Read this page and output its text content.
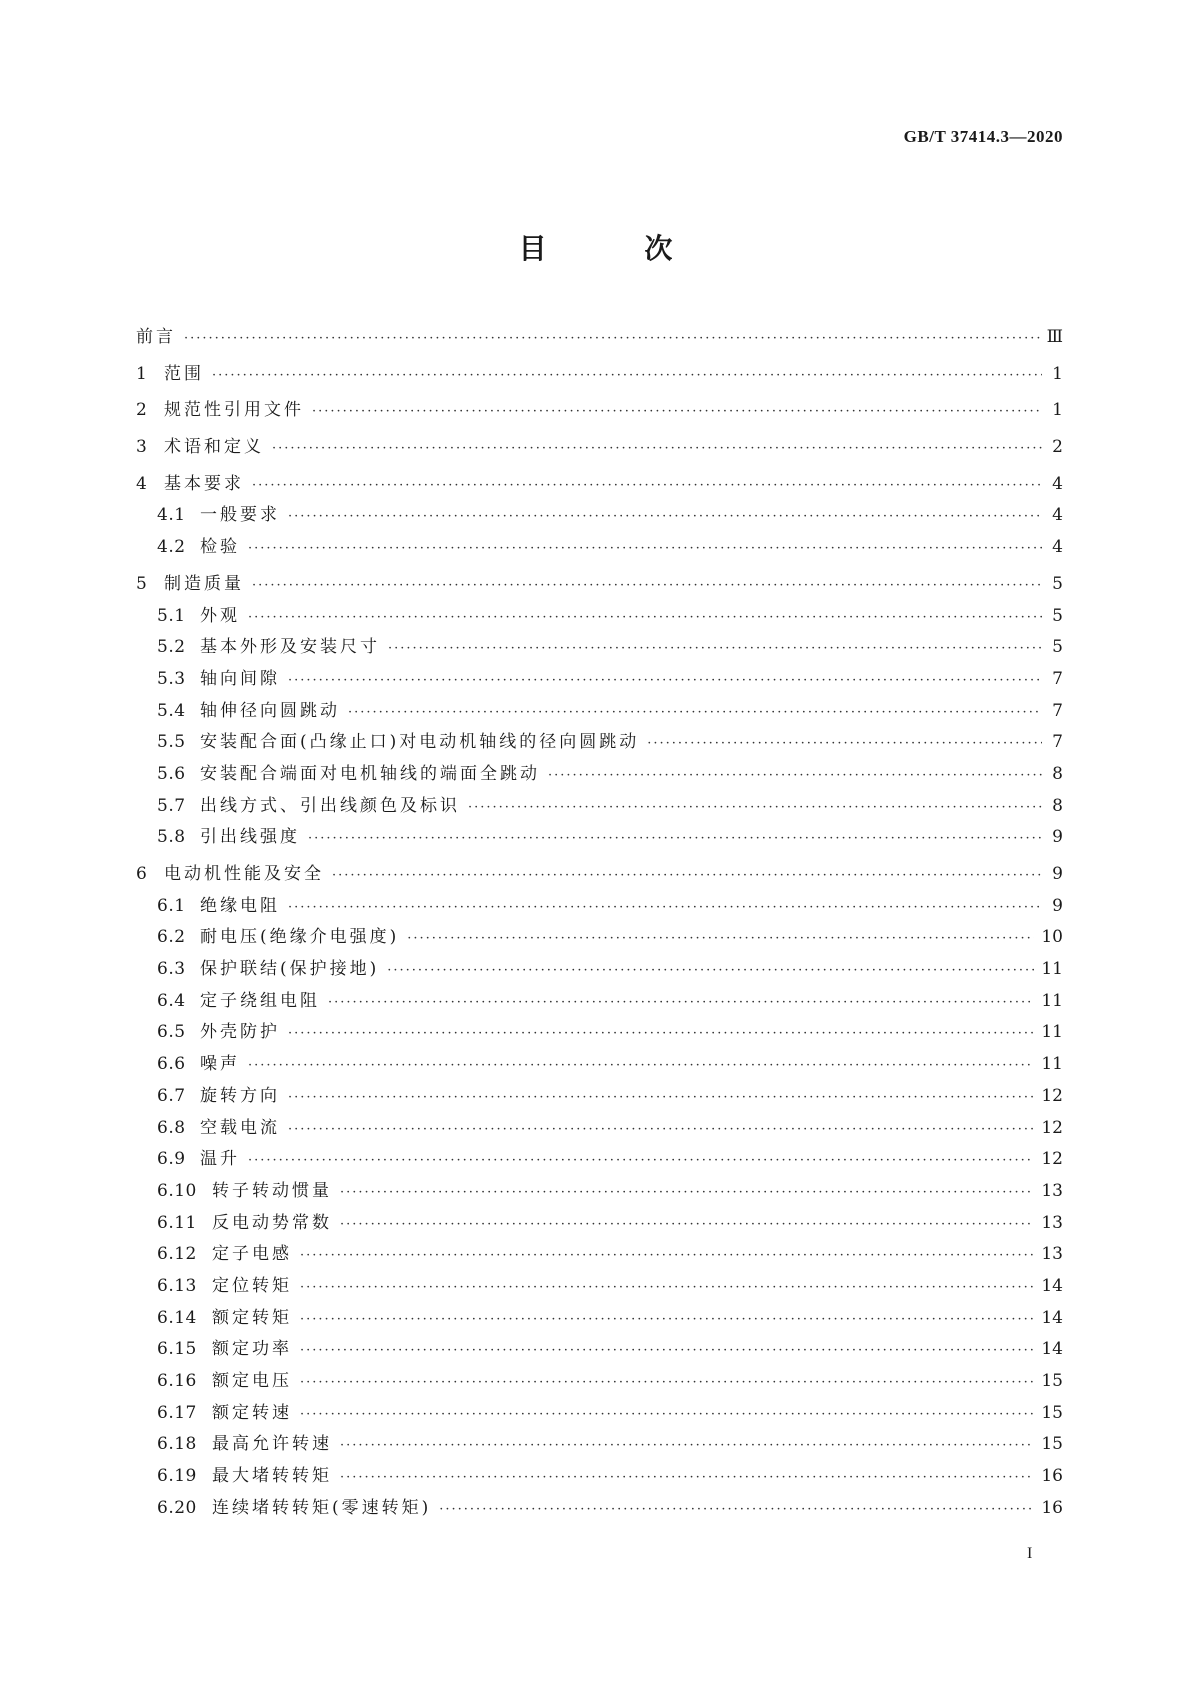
GB/T 37414.3—2020
目 次
前言 ·····	Ⅲ
1 范围 ·····	1
2 规范性引用文件 ·····	1
3 术语和定义 ·····	2
4 基本要求 ·····	4
4.1 一般要求 ·····	4
4.2 检验 ·····	4
5 制造质量 ·····	5
5.1 外观 ·····	5
5.2 基本外形及安装尺寸 ·····	5
5.3 轴向间隙 ·····	7
5.4 轴伸径向圆跳动 ·····	7
5.5 安装配合面(凸缘止口)对电动机轴线的径向圆跳动 ·····	7
5.6 安装配合端面对电机轴线的端面全跳动 ·····	8
5.7 出线方式、引出线颜色及标识 ·····	8
5.8 引出线强度 ·····	9
6 电动机性能及安全 ·····	9
6.1 绝缘电阻 ·····	9
6.2 耐电压(绝缘介电强度) ·····	10
6.3 保护联结(保护接地) ·····	11
6.4 定子绕组电阻 ·····	11
6.5 外壳防护 ·····	11
6.6 噪声 ·····	11
6.7 旋转方向 ·····	12
6.8 空载电流 ·····	12
6.9 温升 ·····	12
6.10 转子转动惯量 ·····	13
6.11 反电动势常数 ·····	13
6.12 定子电感 ·····	13
6.13 定位转矩 ·····	14
6.14 额定转矩 ·····	14
6.15 额定功率 ·····	14
6.16 额定电压 ·····	15
6.17 额定转速 ·····	15
6.18 最高允许转速 ·····	15
6.19 最大堵转转矩 ·····	16
6.20 连续堵转转矩(零速转矩) ·····	16
I
